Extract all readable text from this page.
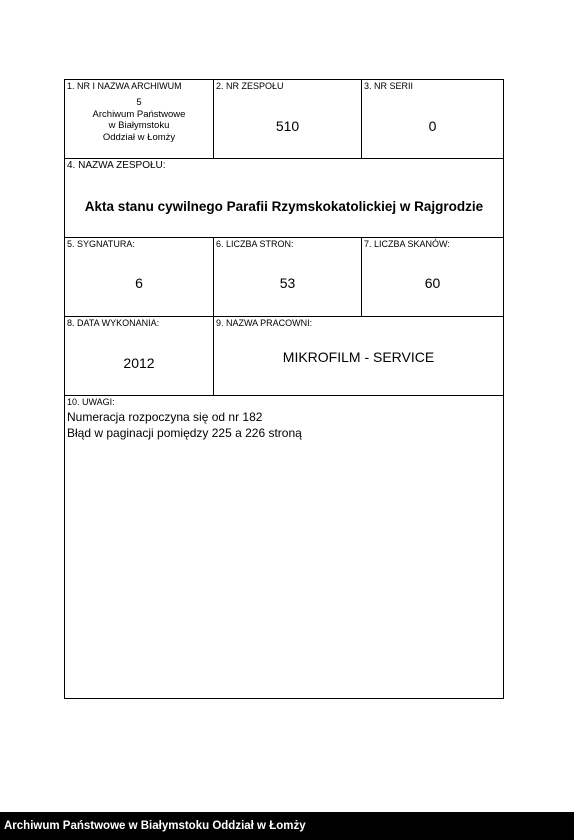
1. NR I NAZWA ARCHIWUM
5
Archiwum Państwowe
w Białymstoku
Oddział w Łomży
2. NR ZESPOŁU
510
3. NR SERII
0
4. NAZWA ZESPOŁU:
Akta stanu cywilnego Parafii Rzymskokatolickiej w Rajgrodzie
5. SYGNATURA:
6
6. LICZBA STRON:
53
7. LICZBA SKANÓW:
60
8. DATA WYKONANIA:
2012
9. NAZWA PRACOWNI:
MIKROFILM - SERVICE
10. UWAGI:
Numeracja rozpoczyna się od nr 182
Błąd w paginacji pomiędzy 225 a 226 stroną
Archiwum Państwowe w Białymstoku Oddział w Łomży
